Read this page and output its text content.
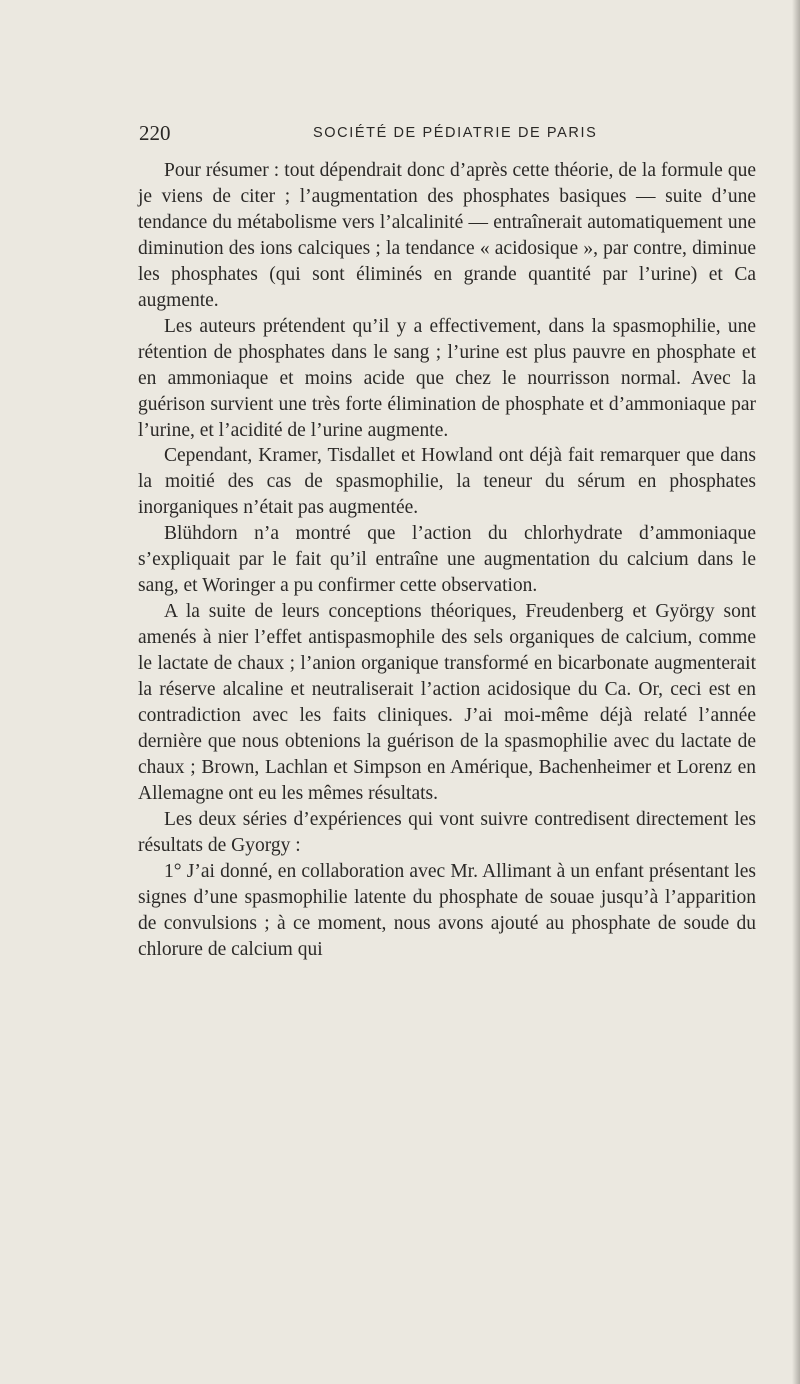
220	SOCIÉTÉ DE PÉDIATRIE DE PARIS

Pour résumer : tout dépendrait donc d’après cette théorie, de la formule que je viens de citer ; l’augmentation des phosphates basiques — suite d’une tendance du métabolisme vers l’alcalinité — entraînerait automatiquement une diminution des ions calciques ; la tendance « acidosique », par contre, diminue les phosphates (qui sont éliminés en grande quantité par l’urine) et Ca augmente.

Les auteurs prétendent qu’il y a effectivement, dans la spasmophilie, une rétention de phosphates dans le sang ; l’urine est plus pauvre en phosphate et en ammoniaque et moins acide que chez le nourrisson normal. Avec la guérison survient une très forte élimination de phosphate et d’ammoniaque par l’urine, et l’acidité de l’urine augmente.

Cependant, Kramer, Tisdallet et Howland ont déjà fait remarquer que dans la moitié des cas de spasmophilie, la teneur du sérum en phosphates inorganiques n’était pas augmentée.

Blühdorn n’a montré que l’action du chlorhydrate d’ammoniaque s’expliquait par le fait qu’il entraîne une augmentation du calcium dans le sang, et Woringer a pu confirmer cette observation.

A la suite de leurs conceptions théoriques, Freudenberg et György sont amenés à nier l’effet antispasmophile des sels organiques de calcium, comme le lactate de chaux ; l’anion organique transformé en bicarbonate augmenterait la réserve alcaline et neutraliserait l’action acidosique du Ca. Or, ceci est en contradiction avec les faits cliniques. J’ai moi-même déjà relaté l’année dernière que nous obtenions la guérison de la spasmophilie avec du lactate de chaux ; Brown, Lachlan et Simpson en Amérique, Bachenheimer et Lorenz en Allemagne ont eu les mêmes résultats.

Les deux séries d’expériences qui vont suivre contredisent directement les résultats de Gyorgy :

1° J’ai donné, en collaboration avec Mr. Allimant à un enfant présentant les signes d’une spasmophilie latente du phosphate de souae jusqu’à l’apparition de convulsions ; à ce moment, nous avons ajouté au phosphate de soude du chlorure de calcium qui
